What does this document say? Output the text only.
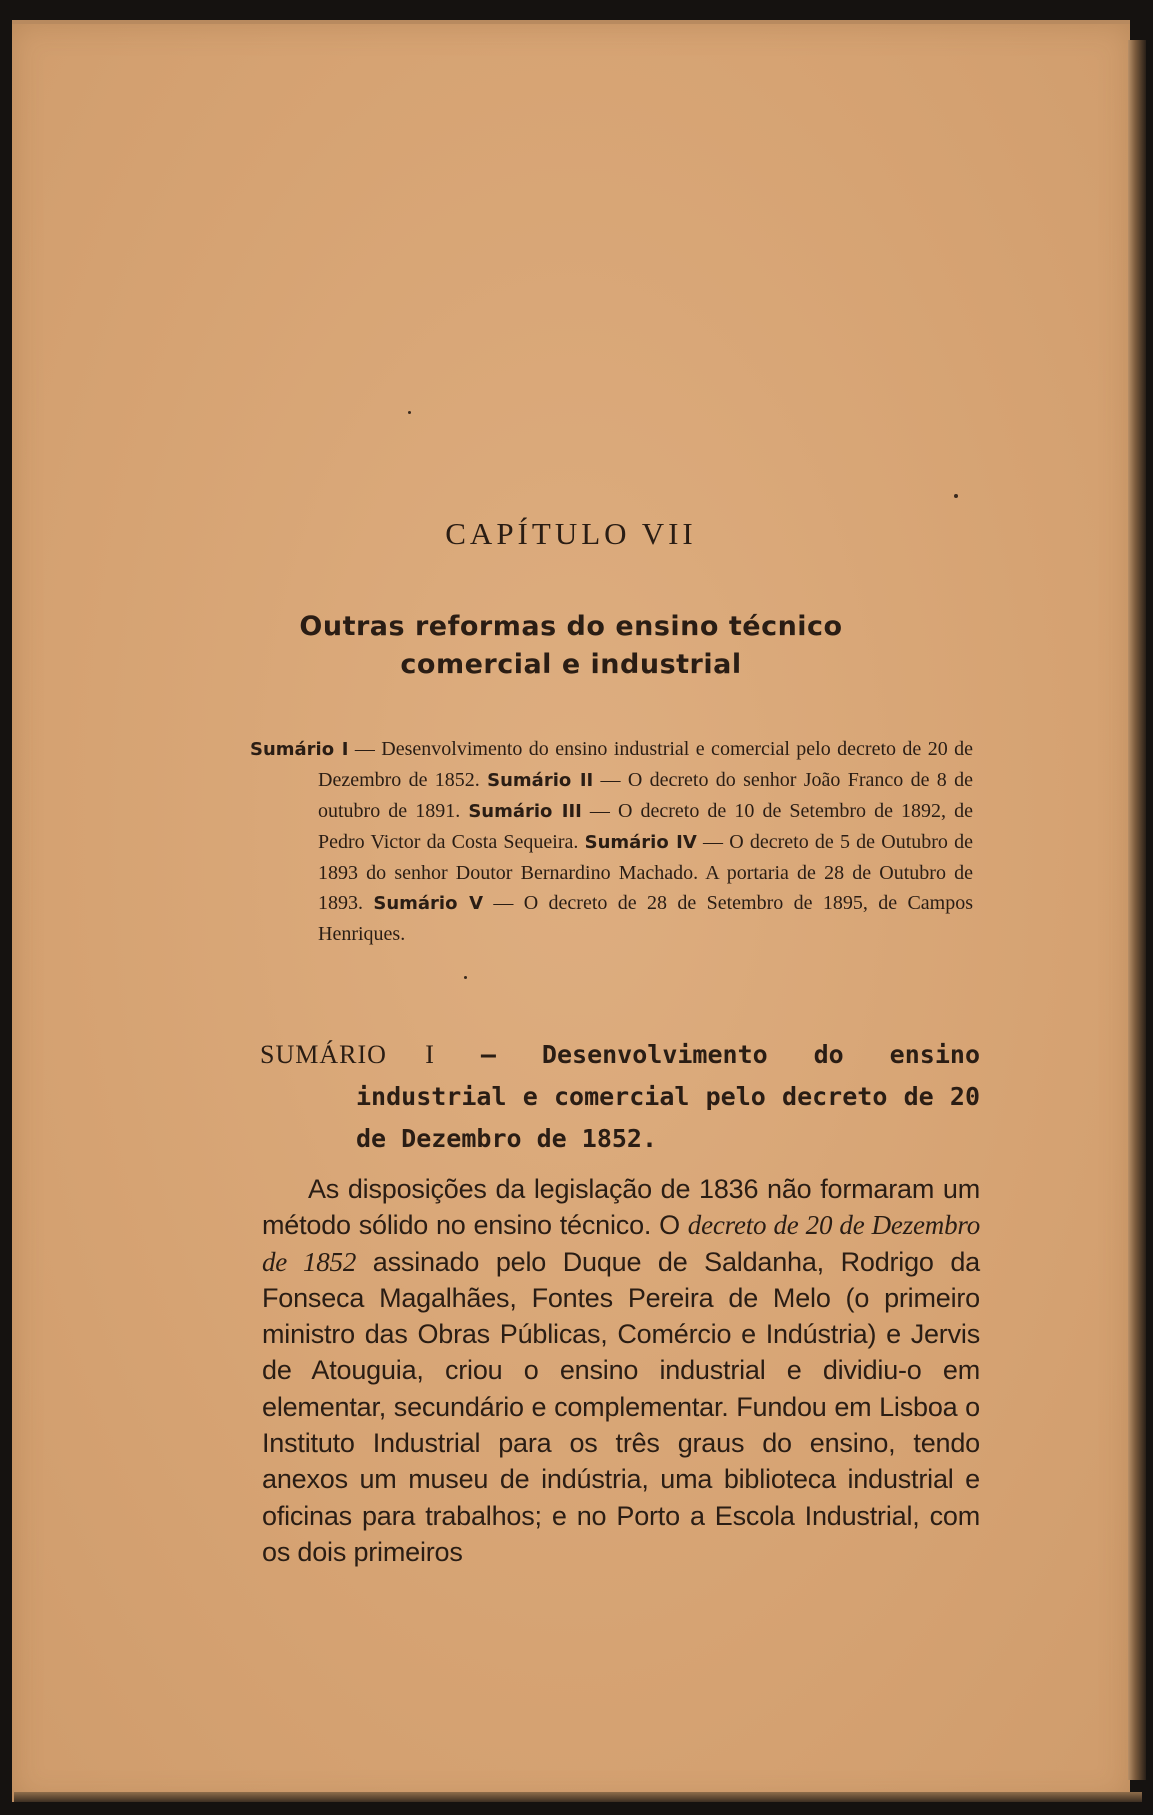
CAPÍTULO VII
Outras reformas do ensino técnico
comercial e industrial

Sumário I — Desenvolvimento do ensino industrial e comercial pelo decreto de 20 de Dezembro de 1852. Sumário II — O decreto do senhor João Franco de 8 de outubro de 1891. Sumário III — O decreto de 10 de Setembro de 1892, de Pedro Victor da Costa Sequeira. Sumário IV — O decreto de 5 de Outubro de 1893 do senhor Doutor Bernardino Machado. A portaria de 28 de Outubro de 1893. Sumário V — O decreto de 28 de Setembro de 1895, de Campos Henriques.

SUMÁRIO I — Desenvolvimento do ensino industrial e comercial pelo decreto de 20 de Dezembro de 1852.

As disposições da legislação de 1836 não formaram um método sólido no ensino técnico. O decreto de 20 de Dezembro de 1852 assinado pelo Duque de Saldanha, Rodrigo da Fonseca Magalhães, Fontes Pereira de Melo (o primeiro ministro das Obras Públicas, Comércio e Indústria) e Jervis de Atouguia, criou o ensino industrial e dividiu-o em elementar, secundário e complementar. Fundou em Lisboa o Instituto Industrial para os três graus do ensino, tendo anexos um museu de indústria, uma biblioteca industrial e oficinas para trabalhos; e no Porto a Escola Industrial, com os dois primeiros
